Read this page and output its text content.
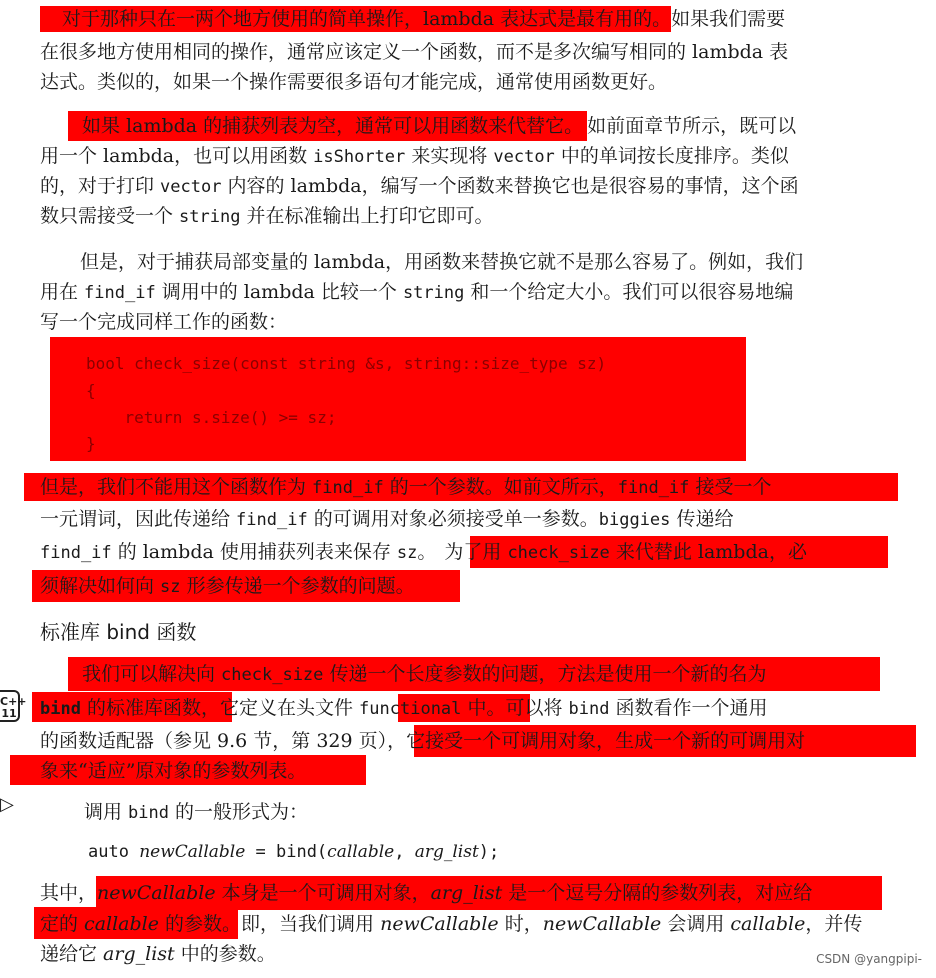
对于那种只在一两个地方使用的简单操作，lambda 表达式是最有用的。如果我们需要
在很多地方使用相同的操作，通常应该定义一个函数，而不是多次编写相同的 lambda 表
达式。类似的，如果一个操作需要很多语句才能完成，通常使用函数更好。
如果 lambda 的捕获列表为空，通常可以用函数来代替它。 如前面章节所示，既可以
用一个 lambda，也可以用函数 isShorter 来实现将 vector 中的单词按长度排序。类似
的，对于打印 vector 内容的 lambda，编写一个函数来替换它也是很容易的事情，这个函
数只需接受一个 string 并在标准输出上打印它即可。
但是，对于捕获局部变量的 lambda，用函数来替换它就不是那么容易了。例如，我们
用在 find_if 调用中的 lambda 比较一个 string 和一个给定大小。我们可以很容易地编
写一个完成同样工作的函数：
bool check_size(const string &s, string::size_type sz)
{
return s.size() >= sz;
}
但是，我们不能用这个函数作为 find_if 的一个参数。如前文所示，find_if 接受一个
一元谓词，因此传递给 find_if 的可调用对象必须接受单一参数。biggies 传递给
find_if 的 lambda 使用捕获列表来保存 sz。 为了用 check_size 来代替此 lambda，必
须解决如何向 sz 形参传递一个参数的问题。
标准库 bind 函数
我们可以解决向 check_size 传递一个长度参数的问题，方法是使用一个新的名为
C++
11 bind 的标准库函数，它定义在头文件 functional 中。可以将 bind 函数看作一个通用
的函数适配器（参见 9.6 节，第 329 页），它接受一个可调用对象，生成一个新的可调用对
象来“适应”原对象的参数列表。
▷	调用 bind 的一般形式为：
auto newCallable = bind(callable, arg_list);
其中，newCallable 本身是一个可调用对象，arg_list 是一个逗号分隔的参数列表，对应给
定的 callable 的参数。即，当我们调用 newCallable 时，newCallable 会调用 callable，并传
递给它 arg_list 中的参数。	CSDN @yangpipi-
